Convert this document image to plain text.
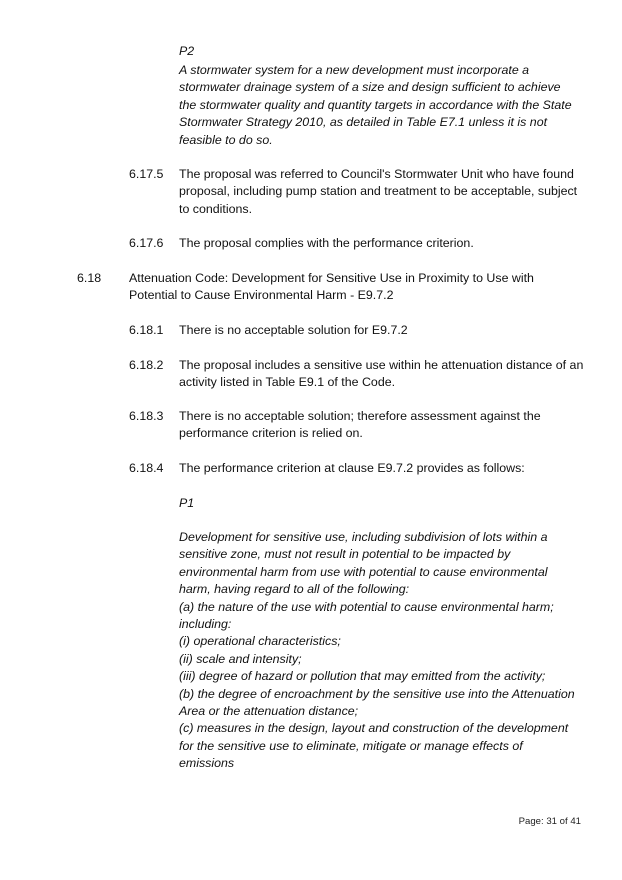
P2
A stormwater system for a new development must incorporate a
stormwater drainage system of a size and design sufficient to achieve
the stormwater quality and quantity targets in accordance with the State
Stormwater Strategy 2010, as detailed in Table E7.1 unless it is not
feasible to do so.
6.17.5 The proposal was referred to Council's Stormwater Unit who have found
proposal, including pump station and treatment to be acceptable, subject
to conditions.
6.17.6 The proposal complies with the performance criterion.
6.18 Attenuation Code: Development for Sensitive Use in Proximity to Use with
Potential to Cause Environmental Harm - E9.7.2
6.18.1 There is no acceptable solution for E9.7.2
6.18.2 The proposal includes a sensitive use within he attenuation distance of an
activity listed in Table E9.1 of the Code.
6.18.3 There is no acceptable solution; therefore assessment against the
performance criterion is relied on.
6.18.4 The performance criterion at clause E9.7.2 provides as follows:
P1
Development for sensitive use, including subdivision of lots within a
sensitive zone, must not result in potential to be impacted by
environmental harm from use with potential to cause environmental
harm, having regard to all of the following:
(a) the nature of the use with potential to cause environmental harm;
including:
(i) operational characteristics;
(ii) scale and intensity;
(iii) degree of hazard or pollution that may emitted from the activity;
(b) the degree of encroachment by the sensitive use into the Attenuation
Area or the attenuation distance;
(c) measures in the design, layout and construction of the development
for the sensitive use to eliminate, mitigate or manage effects of
emissions
Page: 31 of 41
